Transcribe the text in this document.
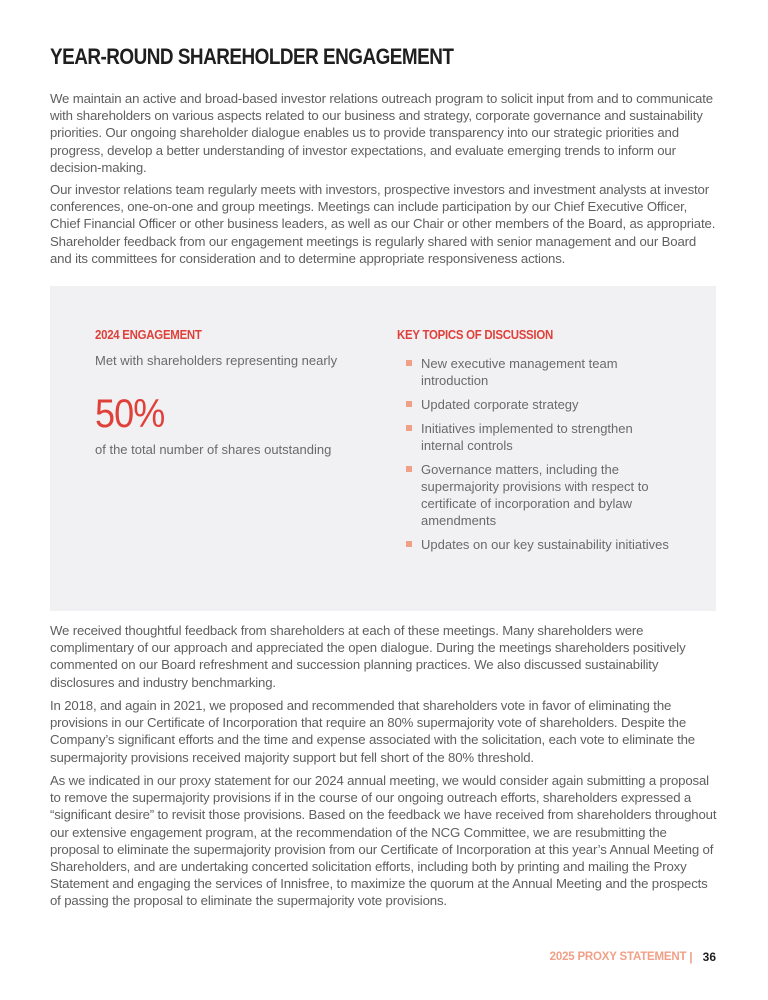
YEAR-ROUND SHAREHOLDER ENGAGEMENT

We maintain an active and broad-based investor relations outreach program to solicit input from and to communicate with shareholders on various aspects related to our business and strategy, corporate governance and sustainability priorities. Our ongoing shareholder dialogue enables us to provide transparency into our strategic priorities and progress, develop a better understanding of investor expectations, and evaluate emerging trends to inform our decision-making.

Our investor relations team regularly meets with investors, prospective investors and investment analysts at investor conferences, one-on-one and group meetings. Meetings can include participation by our Chief Executive Officer, Chief Financial Officer or other business leaders, as well as our Chair or other members of the Board, as appropriate. Shareholder feedback from our engagement meetings is regularly shared with senior management and our Board and its committees for consideration and to determine appropriate responsiveness actions.

2024 ENGAGEMENT

Met with shareholders representing nearly

50%

of the total number of shares outstanding

KEY TOPICS OF DISCUSSION
New executive management team introduction
Updated corporate strategy
Initiatives implemented to strengthen internal controls
Governance matters, including the supermajority provisions with respect to certificate of incorporation and bylaw amendments
Updates on our key sustainability initiatives

We received thoughtful feedback from shareholders at each of these meetings. Many shareholders were complimentary of our approach and appreciated the open dialogue. During the meetings shareholders positively commented on our Board refreshment and succession planning practices. We also discussed sustainability disclosures and industry benchmarking.

In 2018, and again in 2021, we proposed and recommended that shareholders vote in favor of eliminating the provisions in our Certificate of Incorporation that require an 80% supermajority vote of shareholders. Despite the Company’s significant efforts and the time and expense associated with the solicitation, each vote to eliminate the supermajority provisions received majority support but fell short of the 80% threshold.

As we indicated in our proxy statement for our 2024 annual meeting, we would consider again submitting a proposal to remove the supermajority provisions if in the course of our ongoing outreach efforts, shareholders expressed a “significant desire” to revisit those provisions. Based on the feedback we have received from shareholders throughout our extensive engagement program, at the recommendation of the NCG Committee, we are resubmitting the proposal to eliminate the supermajority provision from our Certificate of Incorporation at this year’s Annual Meeting of Shareholders, and are undertaking concerted solicitation efforts, including both by printing and mailing the Proxy Statement and engaging the services of Innisfree, to maximize the quorum at the Annual Meeting and the prospects of passing the proposal to eliminate the supermajority vote provisions.

2025 PROXY STATEMENT | 36
